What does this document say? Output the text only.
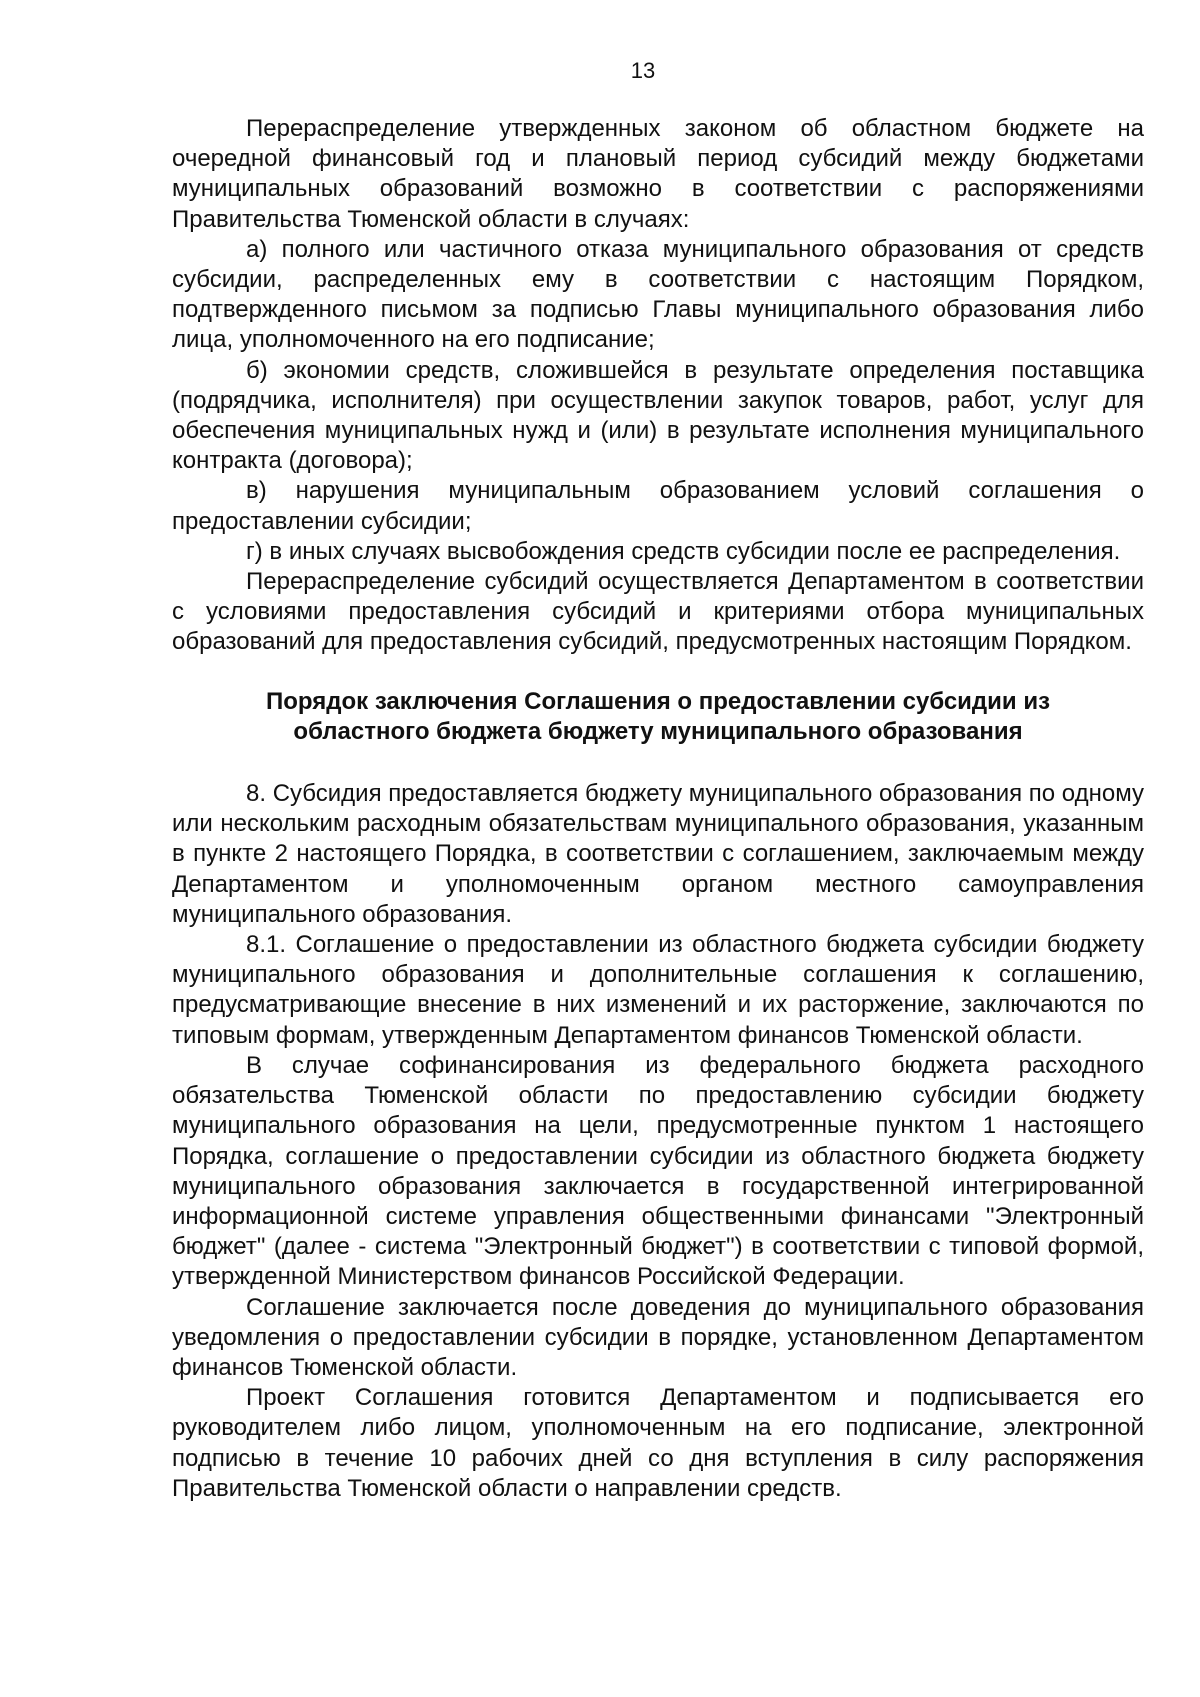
13

Перераспределение утвержденных законом об областном бюджете на очередной финансовый год и плановый период субсидий между бюджетами муниципальных образований возможно в соответствии с распоряжениями Правительства Тюменской области в случаях:

а) полного или частичного отказа муниципального образования от средств субсидии, распределенных ему в соответствии с настоящим Порядком, подтвержденного письмом за подписью Главы муниципального образования либо лица, уполномоченного на его подписание;

б) экономии средств, сложившейся в результате определения поставщика (подрядчика, исполнителя) при осуществлении закупок товаров, работ, услуг для обеспечения муниципальных нужд и (или) в результате исполнения муниципального контракта (договора);

в) нарушения муниципальным образованием условий соглашения о предоставлении субсидии;

г) в иных случаях высвобождения средств субсидии после ее распределения.

Перераспределение субсидий осуществляется Департаментом в соответствии с условиями предоставления субсидий и критериями отбора муниципальных образований для предоставления субсидий, предусмотренных настоящим Порядком.

Порядок заключения Соглашения о предоставлении субсидии из
областного бюджета бюджету муниципального образования

8. Субсидия предоставляется бюджету муниципального образования по одному или нескольким расходным обязательствам муниципального образования, указанным в пункте 2 настоящего Порядка, в соответствии с соглашением, заключаемым между Департаментом и уполномоченным органом местного самоуправления муниципального образования.

8.1. Соглашение о предоставлении из областного бюджета субсидии бюджету муниципального образования и дополнительные соглашения к соглашению, предусматривающие внесение в них изменений и их расторжение, заключаются по типовым формам, утвержденным Департаментом финансов Тюменской области.

В случае софинансирования из федерального бюджета расходного обязательства Тюменской области по предоставлению субсидии бюджету муниципального образования на цели, предусмотренные пунктом 1 настоящего Порядка, соглашение о предоставлении субсидии из областного бюджета бюджету муниципального образования заключается в государственной интегрированной информационной системе управления общественными финансами "Электронный бюджет" (далее - система "Электронный бюджет") в соответствии с типовой формой, утвержденной Министерством финансов Российской Федерации.

Соглашение заключается после доведения до муниципального образования уведомления о предоставлении субсидии в порядке, установленном Департаментом финансов Тюменской области.

Проект Соглашения готовится Департаментом и подписывается его руководителем либо лицом, уполномоченным на его подписание, электронной подписью в течение 10 рабочих дней со дня вступления в силу распоряжения Правительства Тюменской области о направлении средств.
